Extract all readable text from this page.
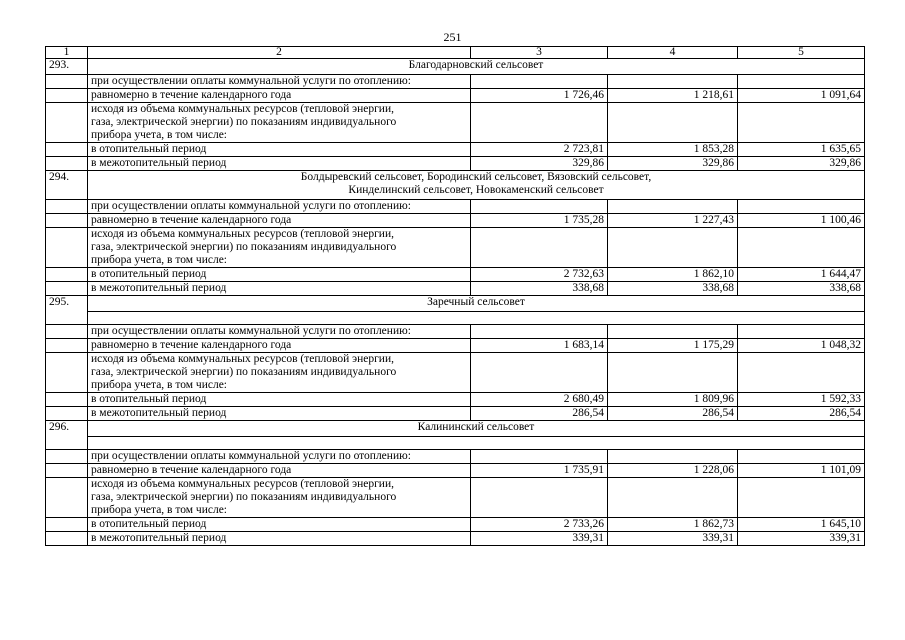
251
1	2	3	4	5
293.	Благодарновский сельсовет			

	при осуществлении оплаты коммунальной услуги по отоплению:			
	равномерно в течение календарного года	1 726,46	1 218,61	1 091,64
	исходя из объема коммунальных ресурсов (тепловой энергии,
газа, электрической энергии) по показаниям индивидуального
прибора учета, в том числе:			
	в отопительный период	2 723,81	1 853,28	1 635,65
	в межотопительный период	329,86	329,86	329,86
294.	Болдыревский сельсовет, Бородинский сельсовет, Вязовский сельсовет,
Кинделинский сельсовет, Новокаменский сельсовет			

	при осуществлении оплаты коммунальной услуги по отоплению:			
	равномерно в течение календарного года	1 735,28	1 227,43	1 100,46
	исходя из объема коммунальных ресурсов (тепловой энергии,
газа, электрической энергии) по показаниям индивидуального
прибора учета, в том числе:			
	в отопительный период	2 732,63	1 862,10	1 644,47
	в межотопительный период	338,68	338,68	338,68
295.	Заречный сельсовет			

	при осуществлении оплаты коммунальной услуги по отоплению:			
	равномерно в течение календарного года	1 683,14	1 175,29	1 048,32
	исходя из объема коммунальных ресурсов (тепловой энергии,
газа, электрической энергии) по показаниям индивидуального
прибора учета, в том числе:			
	в отопительный период	2 680,49	1 809,96	1 592,33
	в межотопительный период	286,54	286,54	286,54
296.	Калининский сельсовет			

	при осуществлении оплаты коммунальной услуги по отоплению:			
	равномерно в течение календарного года	1 735,91	1 228,06	1 101,09
	исходя из объема коммунальных ресурсов (тепловой энергии,
газа, электрической энергии) по показаниям индивидуального
прибора учета, в том числе:			
	в отопительный период	2 733,26	1 862,73	1 645,10
	в межотопительный период	339,31	339,31	339,31
